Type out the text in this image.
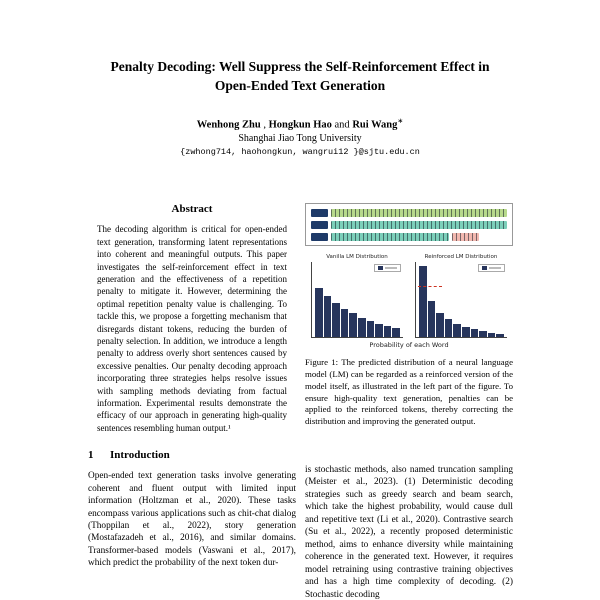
Penalty Decoding: Well Suppress the Self-Reinforcement Effect in
Open-Ended Text Generation
Wenhong Zhu , Hongkun Hao and Rui Wang∗
Shanghai Jiao Tong University
{zwhong714, haohongkun, wangrui12 }@sjtu.edu.cn
Abstract

The decoding algorithm is critical for open-ended text generation, transforming latent representations into coherent and meaningful outputs. This paper investigates the self-reinforcement effect in text generation and the effectiveness of a repetition penalty to mitigate it. However, determining the optimal repetition penalty value is challenging. To tackle this, we propose a forgetting mechanism that disregards distant tokens, reducing the burden of penalty selection. In addition, we introduce a length penalty to address overly short sentences caused by excessive penalties. Our penalty decoding approach incorporating three strategies helps resolve issues with sampling methods deviating from factual information. Experimental results demonstrate the efficacy of our approach in generating high-quality sentences resembling human output.¹

1 Introduction

Open-ended text generation tasks involve generating coherent and fluent output with limited input information (Holtzman et al., 2020). These tasks encompass various applications such as chit-chat dialog (Thoppilan et al., 2022), story generation (Mostafazadeh et al., 2016), and similar domains. Transformer-based models (Vaswani et al., 2017), which predict the probability of the next token dur-

Vanilla LM Distribution	Reinforced LM Distribution
Probability of each Word

Figure 1: The predicted distribution of a neural language model (LM) can be regarded as a reinforced version of the model itself, as illustrated in the left part of the figure. To ensure high-quality text generation, penalties can be applied to the reinforced tokens, thereby correcting the distribution and improving the generated output.

is stochastic methods, also named truncation sampling (Meister et al., 2023). (1) Deterministic decoding strategies such as greedy search and beam search, which take the highest probability, would cause dull and repetitive text (Li et al., 2020). Contrastive search (Su et al., 2022), a recently proposed deterministic method, aims to enhance diversity while maintaining coherence in the generated text. However, it requires model retraining using contrastive training objectives and has a high time complexity of decoding. (2) Stochastic decoding
